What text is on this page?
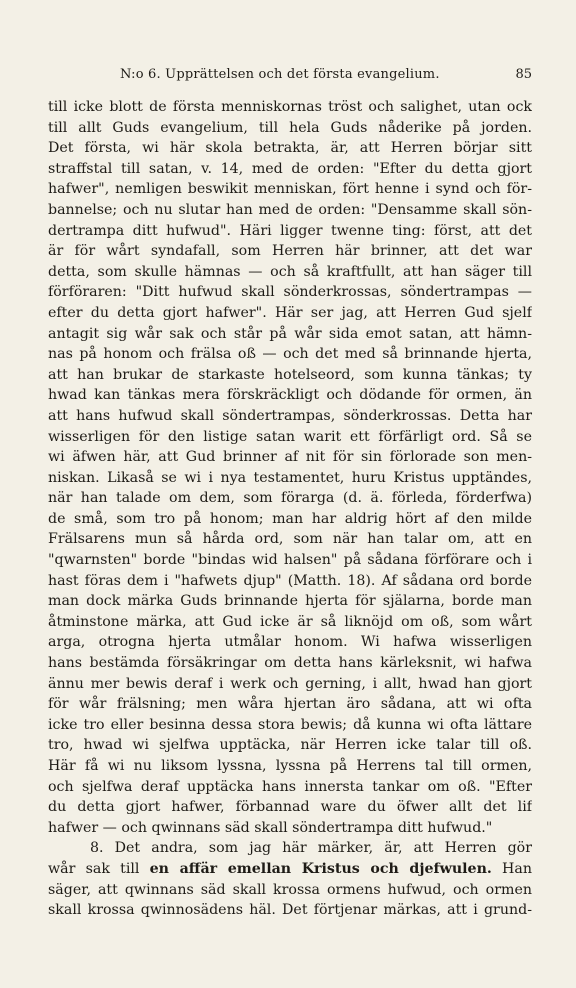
N:o 6. Upprättelsen och det första evangelium.	85
till icke blott de första menniskornas tröst och salighet, utan ock
till allt Guds evangelium, till hela Guds nåderike på jorden.
Det första, wi här skola betrakta, är, att Herren börjar sitt
straffstal till satan, v. 14, med de orden: "Efter du detta gjort
hafwer", nemligen beswikit menniskan, fört henne i synd och för-
bannelse; och nu slutar han med de orden: "Densamme skall sön-
dertrampa ditt hufwud". Häri ligger twenne ting: först, att det
är för wårt syndafall, som Herren här brinner, att det war
detta, som skulle hämnas — och så kraftfullt, att han säger till
förföraren: "Ditt hufwud skall sönderkrossas, söndertrampas —
efter du detta gjort hafwer". Här ser jag, att Herren Gud sjelf
antagit sig wår sak och står på wår sida emot satan, att hämn-
nas på honom och frälsa oß — och det med så brinnande hjerta,
att han brukar de starkaste hotelseord, som kunna tänkas; ty
hwad kan tänkas mera förskräckligt och dödande för ormen, än
att hans hufwud skall söndertrampas, sönderkrossas. Detta har
wisserligen för den listige satan warit ett förfärligt ord. Så se
wi äfwen här, att Gud brinner af nit för sin förlorade son men-
niskan. Likaså se wi i nya testamentet, huru Kristus upptändes,
när han talade om dem, som förarga (d. ä. förleda, förderfwa)
de små, som tro på honom; man har aldrig hört af den milde
Frälsarens mun så hårda ord, som när han talar om, att en
"qwarnsten" borde "bindas wid halsen" på sådana förförare och i
hast föras dem i "hafwets djup" (Matth. 18). Af sådana ord borde
man dock märka Guds brinnande hjerta för själarna, borde man
åtminstone märka, att Gud icke är så liknöjd om oß, som wårt
arga, otrogna hjerta utmålar honom. Wi hafwa wisserligen
hans bestämda försäkringar om detta hans kärleksnit, wi hafwa
ännu mer bewis deraf i werk och gerning, i allt, hwad han gjort
för wår frälsning; men wåra hjertan äro sådana, att wi ofta
icke tro eller besinna dessa stora bewis; då kunna wi ofta lättare
tro, hwad wi sjelfwa upptäcka, när Herren icke talar till oß.
Här få wi nu liksom lyssna, lyssna på Herrens tal till ormen,
och sjelfwa deraf upptäcka hans innersta tankar om oß. "Efter
du detta gjort hafwer, förbannad ware du öfwer allt det lif
hafwer — och qwinnans säd skall söndertrampa ditt hufwud."
8. Det andra, som jag här märker, är, att Herren gör
wår sak till en affär emellan Kristus och djefwulen. Han
säger, att qwinnans säd skall krossa ormens hufwud, och ormen
skall krossa qwinnosädens häl. Det förtjenar märkas, att i grund-
